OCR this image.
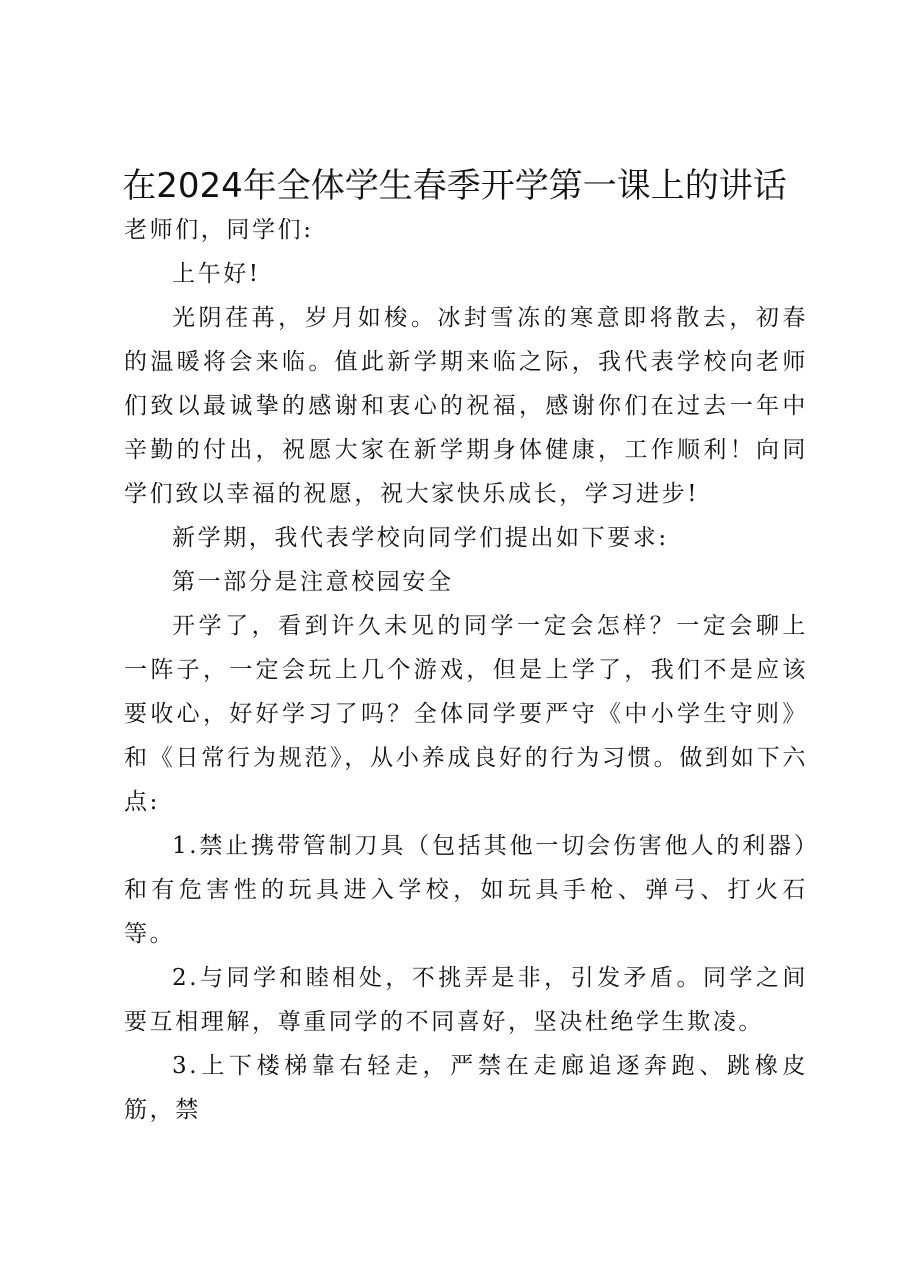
在2024年全体学生春季开学第一课上的讲话

老师们，同学们:

上午好!

光阴荏苒，岁月如梭。冰封雪冻的寒意即将散去，初春的温暖将会来临。值此新学期来临之际，我代表学校向老师们致以最诚挚的感谢和衷心的祝福，感谢你们在过去一年中辛勤的付出，祝愿大家在新学期身体健康，工作顺利！向同学们致以幸福的祝愿，祝大家快乐成长，学习进步!

新学期，我代表学校向同学们提出如下要求:

第一部分是注意校园安全

开学了，看到许久未见的同学一定会怎样？一定会聊上一阵子，一定会玩上几个游戏，但是上学了，我们不是应该要收心，好好学习了吗？全体同学要严守《中小学生守则》和《日常行为规范》，从小养成良好的行为习惯。做到如下六点:

1.禁止携带管制刀具（包括其他一切会伤害他人的利器）和有危害性的玩具进入学校，如玩具手枪、弹弓、打火石等。

2.与同学和睦相处，不挑弄是非，引发矛盾。同学之间要互相理解，尊重同学的不同喜好，坚决杜绝学生欺凌。

3.上下楼梯靠右轻走，严禁在走廊追逐奔跑、跳橡皮筋，禁
